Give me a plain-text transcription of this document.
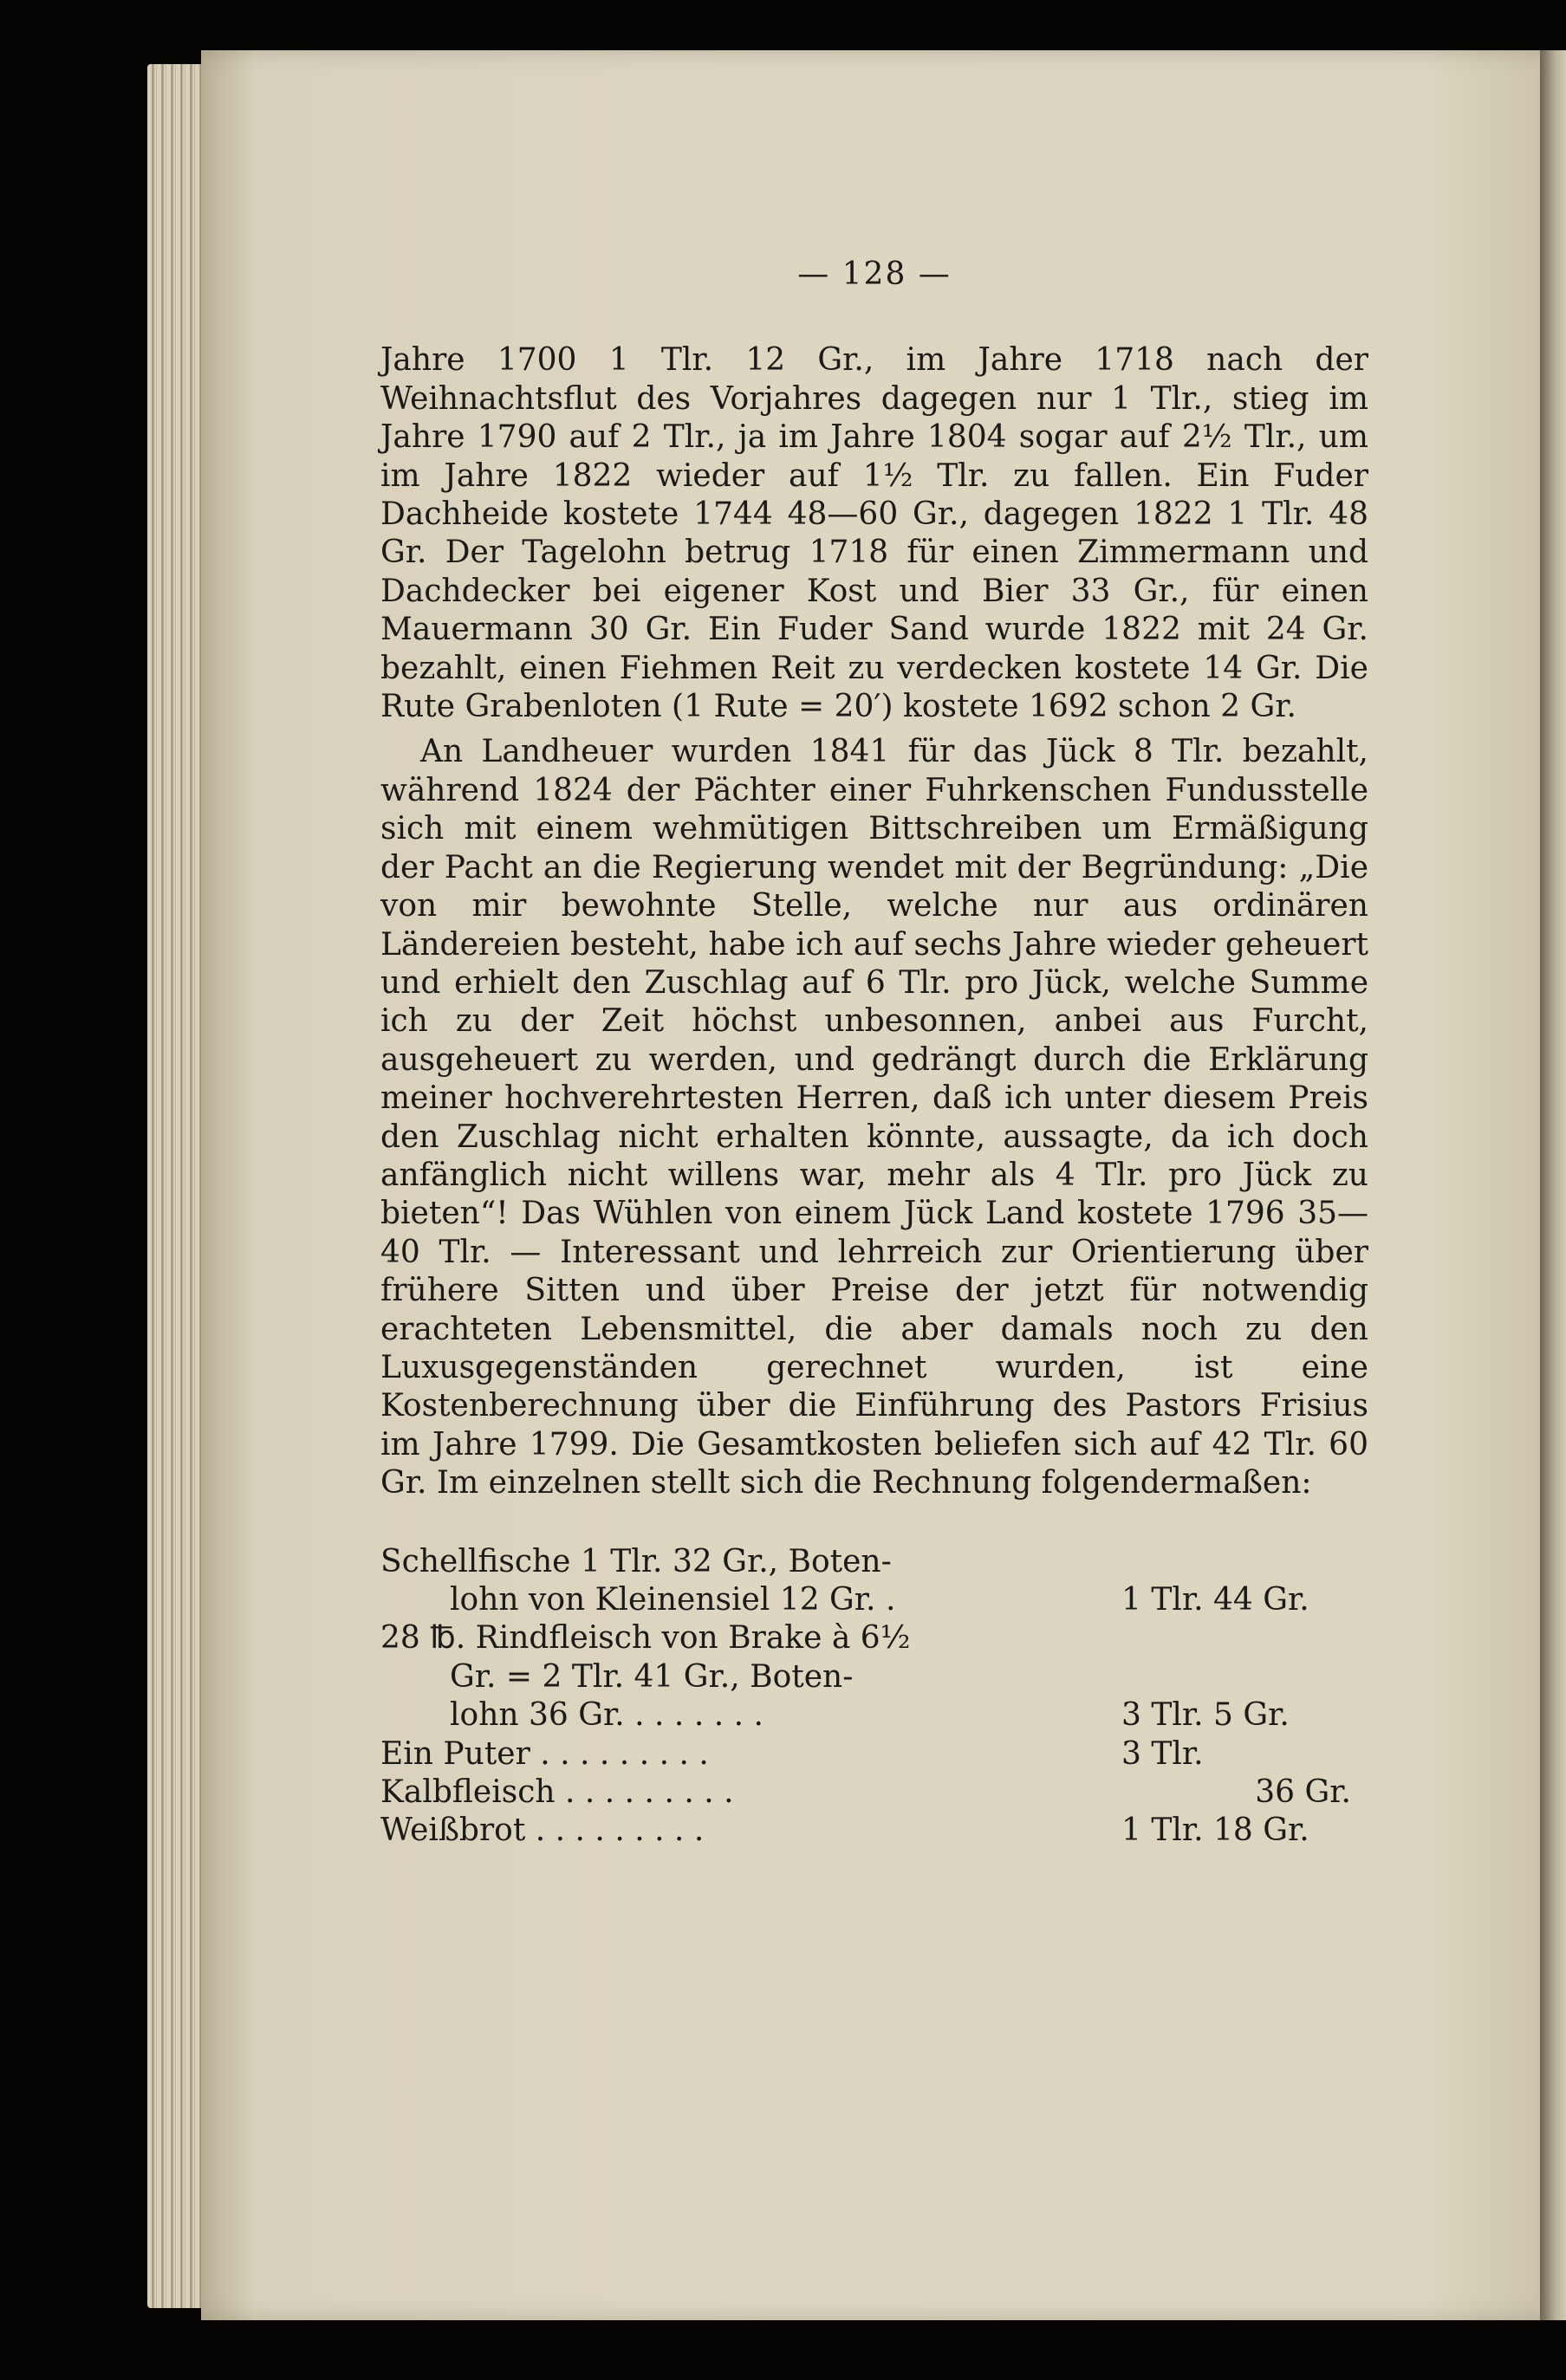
— 128 —

Jahre 1700 1 Tlr. 12 Gr., im Jahre 1718 nach der Weihnachtsflut des Vorjahres dagegen nur 1 Tlr., stieg im Jahre 1790 auf 2 Tlr., ja im Jahre 1804 sogar auf 2½ Tlr., um im Jahre 1822 wieder auf 1½ Tlr. zu fallen. Ein Fuder Dachheide kostete 1744 48—60 Gr., dagegen 1822 1 Tlr. 48 Gr. Der Tagelohn betrug 1718 für einen Zimmermann und Dachdecker bei eigener Kost und Bier 33 Gr., für einen Mauermann 30 Gr. Ein Fuder Sand wurde 1822 mit 24 Gr. bezahlt, einen Fiehmen Reit zu verdecken kostete 14 Gr. Die Rute Grabenloten (1 Rute = 20′) kostete 1692 schon 2 Gr.

An Landheuer wurden 1841 für das Jück 8 Tlr. bezahlt, während 1824 der Pächter einer Fuhrkenschen Fundusstelle sich mit einem wehmütigen Bittschreiben um Ermäßigung der Pacht an die Regierung wendet mit der Begründung: „Die von mir bewohnte Stelle, welche nur aus ordinären Ländereien besteht, habe ich auf sechs Jahre wieder geheuert und erhielt den Zuschlag auf 6 Tlr. pro Jück, welche Summe ich zu der Zeit höchst unbesonnen, anbei aus Furcht, ausgeheuert zu werden, und gedrängt durch die Erklärung meiner hochverehrtesten Herren, daß ich unter diesem Preis den Zuschlag nicht erhalten könnte, aussagte, da ich doch anfänglich nicht willens war, mehr als 4 Tlr. pro Jück zu bieten“! Das Wühlen von einem Jück Land kostete 1796 35—40 Tlr. — Interessant und lehrreich zur Orientierung über frühere Sitten und über Preise der jetzt für notwendig erachteten Lebensmittel, die aber damals noch zu den Luxusgegenständen gerechnet wurden, ist eine Kostenberechnung über die Einführung des Pastors Frisius im Jahre 1799. Die Gesamtkosten beliefen sich auf 42 Tlr. 60 Gr. Im einzelnen stellt sich die Rechnung folgendermaßen:

Schellfische 1 Tlr. 32 Gr., Boten-
lohn von Kleinensiel 12 Gr. .	1 Tlr. 44 Gr.
28 ℔. Rindfleisch von Brake à 6½
Gr. = 2 Tlr. 41 Gr., Boten-
lohn 36 Gr. . . . . . . .	3 Tlr. 5 Gr.
Ein Puter . . . . . . . . .	3 Tlr.
Kalbfleisch . . . . . . . . .	36 Gr.
Weißbrot . . . . . . . . .	1 Tlr. 18 Gr.
